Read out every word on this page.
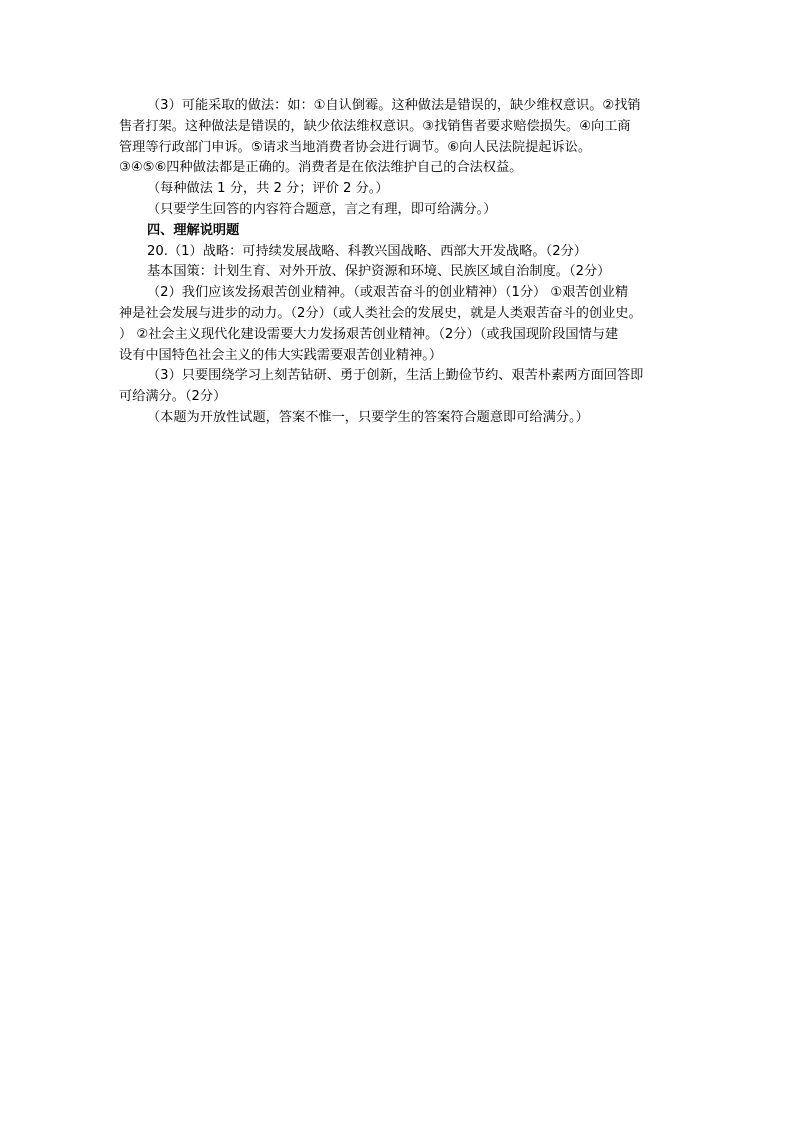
（3）可能采取的做法：如：①自认倒霉。这种做法是错误的，缺少维权意识。②找销
售者打架。这种做法是错误的，缺少依法维权意识。③找销售者要求赔偿损失。④向工商
管理等行政部门申诉。⑤请求当地消费者协会进行调节。⑥向人民法院提起诉讼。
③④⑤⑥四种做法都是正确的。消费者是在依法维护自己的合法权益。
（每种做法 1 分，共 2 分；评价 2 分。）
（只要学生回答的内容符合题意，言之有理，即可给满分。）
四、理解说明题
20.（1）战略：可持续发展战略、科教兴国战略、西部大开发战略。（2分）
基本国策：计划生育、对外开放、保护资源和环境、民族区域自治制度。（2分）
（2）我们应该发扬艰苦创业精神。（或艰苦奋斗的创业精神）（1分） ①艰苦创业精
神是社会发展与进步的动力。（2分）（或人类社会的发展史，就是人类艰苦奋斗的创业史。
） ②社会主义现代化建设需要大力发扬艰苦创业精神。（2分）（或我国现阶段国情与建
设有中国特色社会主义的伟大实践需要艰苦创业精神。）
（3）只要围绕学习上刻苦钻研、勇于创新，生活上勤俭节约、艰苦朴素两方面回答即
可给满分。（2分）
（本题为开放性试题，答案不惟一，只要学生的答案符合题意即可给满分。）
